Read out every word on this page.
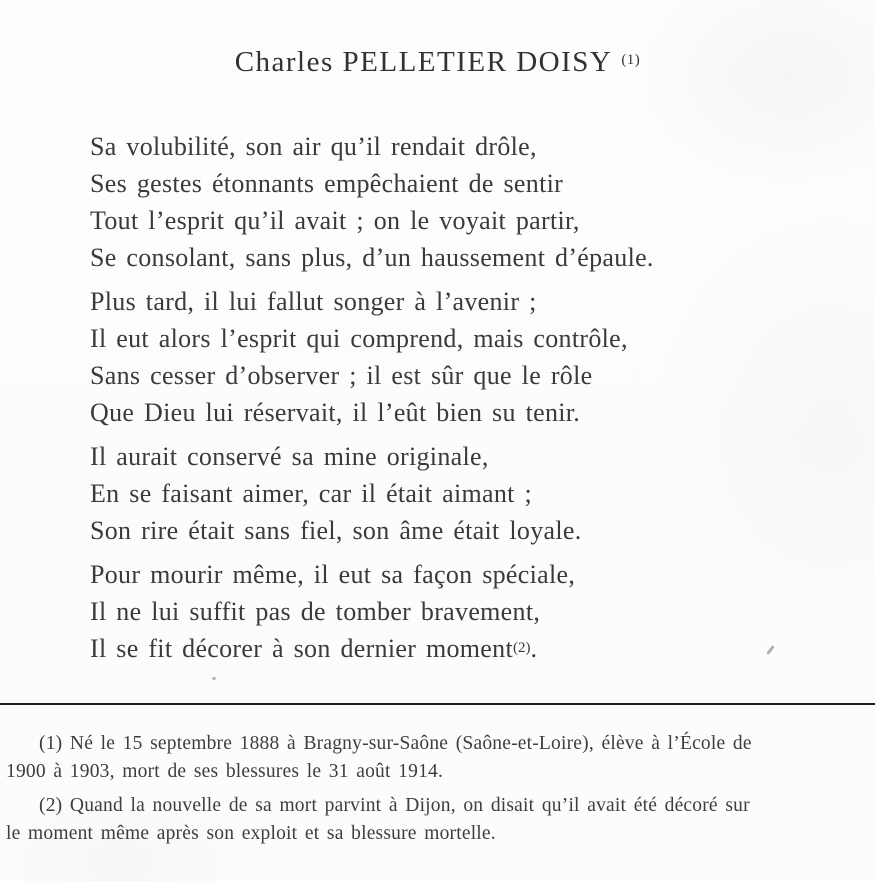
Charles PELLETIER DOISY $^{(1)}$
Sa volubilité, son air qu’il rendait drôle,
Ses gestes étonnants empêchaient de sentir
Tout l’esprit qu’il avait ; on le voyait partir,
Se consolant, sans plus, d’un haussement d’épaule.
Plus tard, il lui fallut songer à l’avenir ;
Il eut alors l’esprit qui comprend, mais contrôle,
Sans cesser d’observer ; il est sûr que le rôle
Que Dieu lui réservait, il l’eût bien su tenir.
Il aurait conservé sa mine originale,
En se faisant aimer, car il était aimant ;
Son rire était sans fiel, son âme était loyale.
Pour mourir même, il eut sa façon spéciale,
Il ne lui suffit pas de tomber bravement,
Il se fit décorer à son dernier moment(2).
(1) Né le 15 septembre 1888 à Bragny-sur-Saône (Saône-et-Loire), élève à l’École de
1900 à 1903, mort de ses blessures le 31 août 1914.
(2) Quand la nouvelle de sa mort parvint à Dijon, on disait qu’il avait été décoré sur
le moment même après son exploit et sa blessure mortelle.
